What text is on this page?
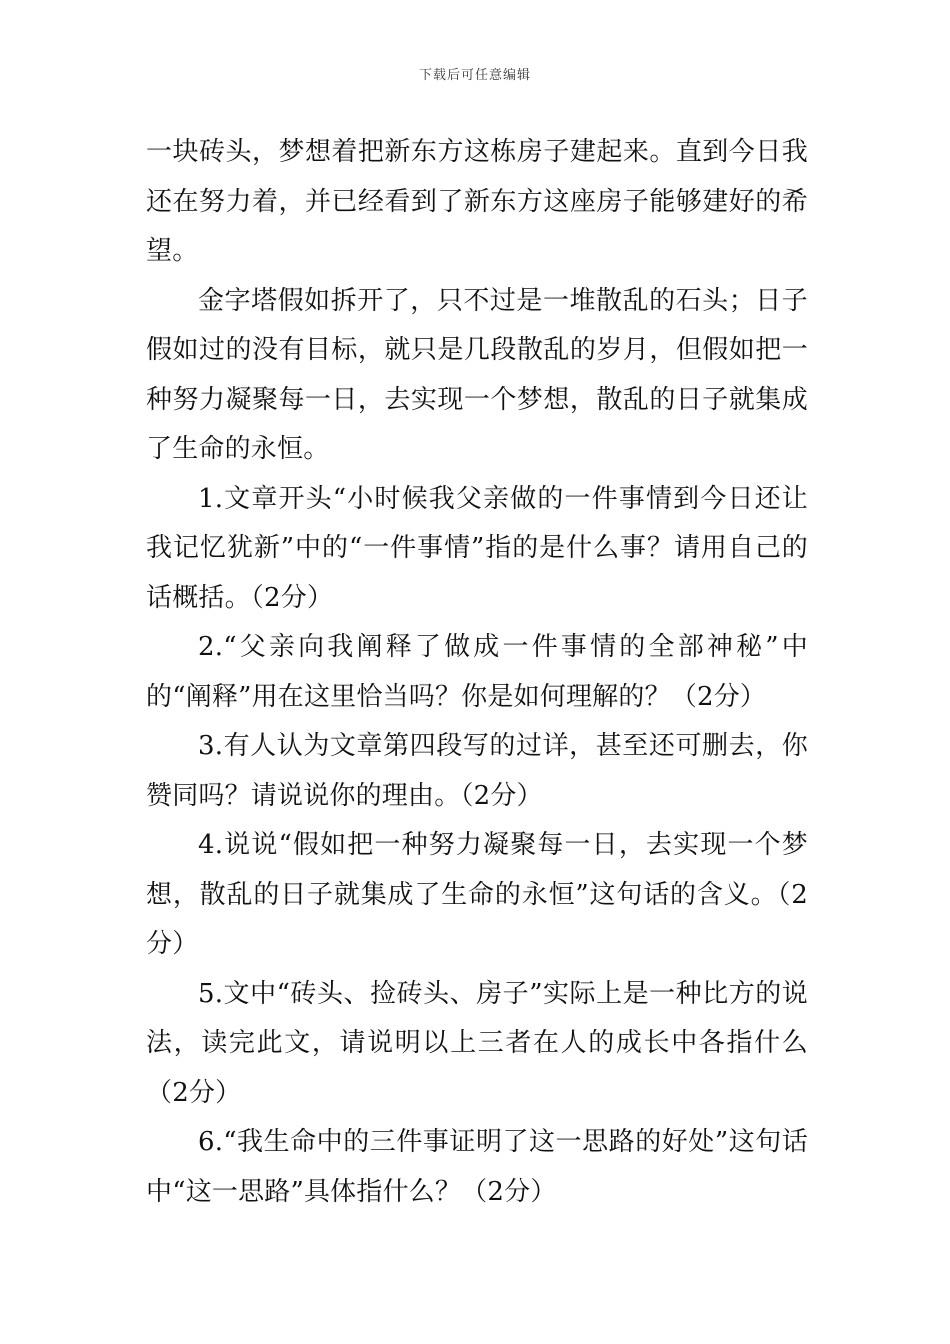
下载后可任意编辑

一块砖头，梦想着把新东方这栋房子建起来。直到今日我还在努力着，并已经看到了新东方这座房子能够建好的希望。

金字塔假如拆开了，只不过是一堆散乱的石头；日子假如过的没有目标，就只是几段散乱的岁月，但假如把一种努力凝聚每一日，去实现一个梦想，散乱的日子就集成了生命的永恒。

1.文章开头“小时候我父亲做的一件事情到今日还让我记忆犹新”中的“一件事情”指的是什么事？请用自己的话概括。（2分）

2.“父亲向我阐释了做成一件事情的全部神秘”中的“阐释”用在这里恰当吗？你是如何理解的？（2分）

3.有人认为文章第四段写的过详，甚至还可删去，你赞同吗？请说说你的理由。（2分）

4.说说“假如把一种努力凝聚每一日，去实现一个梦想，散乱的日子就集成了生命的永恒”这句话的含义。（2分）

5.文中“砖头、捡砖头、房子”实际上是一种比方的说法，读完此文，请说明以上三者在人的成长中各指什么（2分）

6.“我生命中的三件事证明了这一思路的好处”这句话中“这一思路”具体指什么？（2分）
